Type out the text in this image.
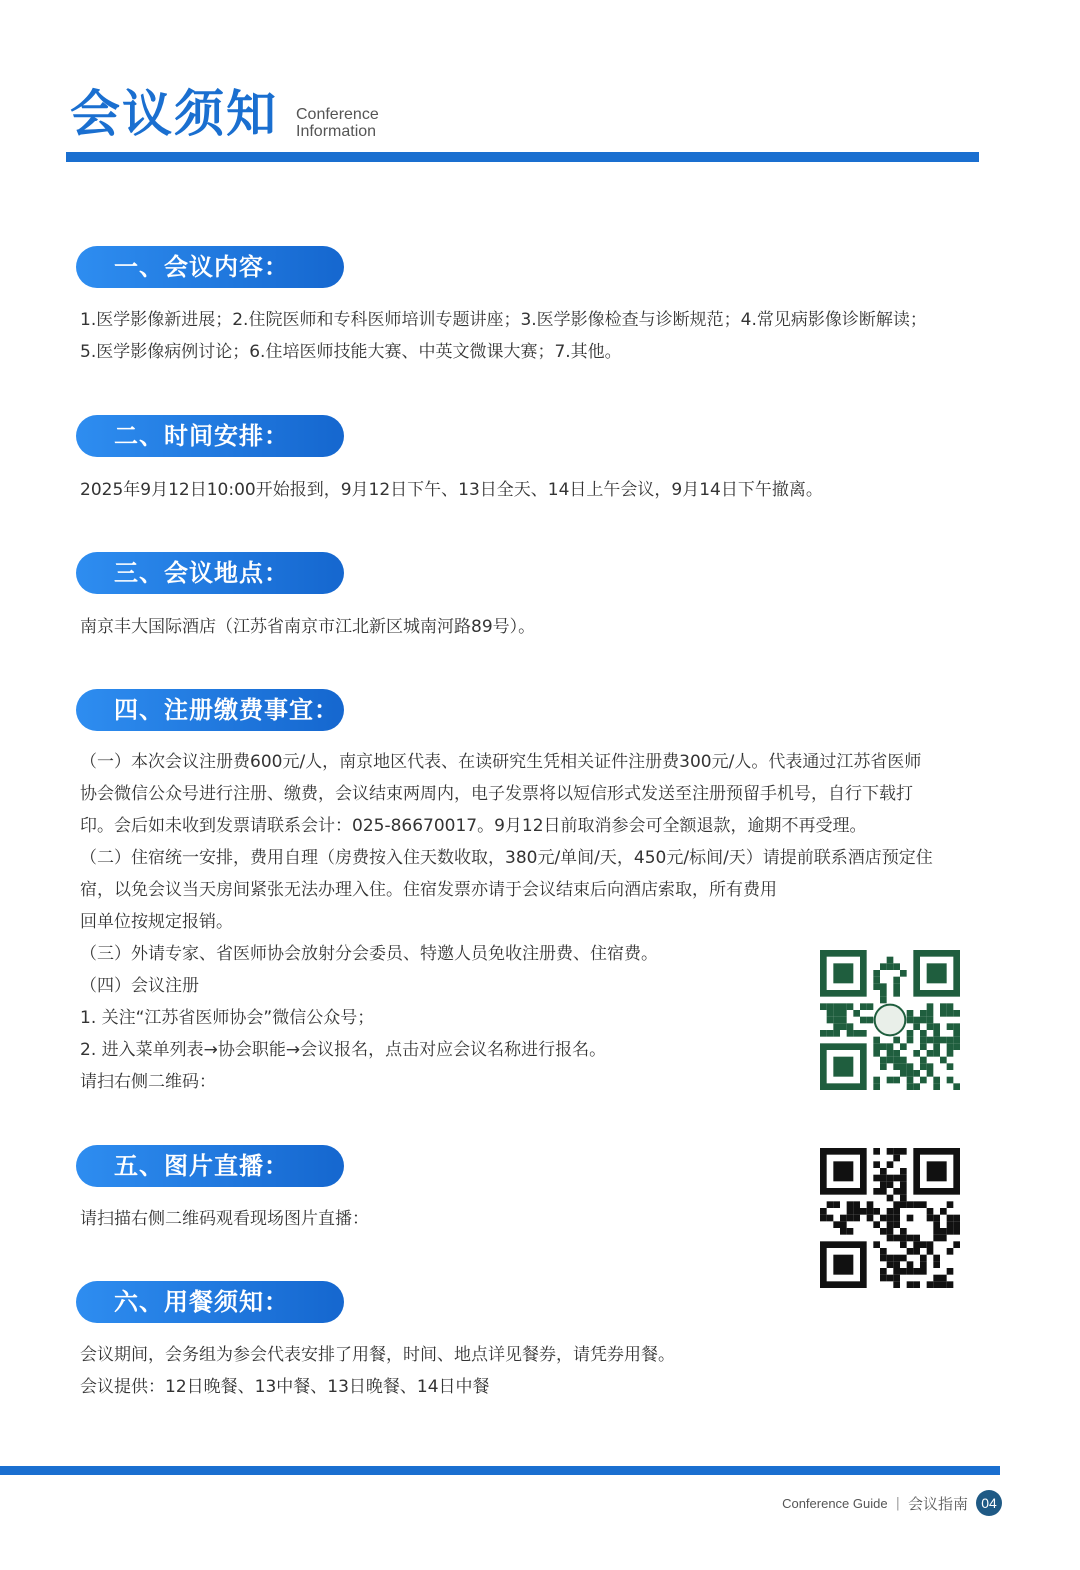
会议须知 Conference
Information
一、会议内容：

1.医学影像新进展；2.住院医师和专科医师培训专题讲座；3.医学影像检查与诊断规范；4.常见病影像诊断解读；

5.医学影像病例讨论；6.住培医师技能大赛、中英文微课大赛；7.其他。

二、时间安排：

2025年9月12日10:00开始报到，9月12日下午、13日全天、14日上午会议，9月14日下午撤离。

三、会议地点：

南京丰大国际酒店（江苏省南京市江北新区城南河路89号）。

四、注册缴费事宜：

（一）本次会议注册费600元/人，南京地区代表、在读研究生凭相关证件注册费300元/人。代表通过江苏省医师

协会微信公众号进行注册、缴费，会议结束两周内，电子发票将以短信形式发送至注册预留手机号，自行下载打

印。会后如未收到发票请联系会计：025-86670017。9月12日前取消参会可全额退款，逾期不再受理。

（二）住宿统一安排，费用自理（房费按入住天数收取，380元/单间/天，450元/标间/天）请提前联系酒店预定住

宿，以免会议当天房间紧张无法办理入住。住宿发票亦请于会议结束后向酒店索取，所有费用

回单位按规定报销。

（三）外请专家、省医师协会放射分会委员、特邀人员免收注册费、住宿费。

（四）会议注册

1. 关注“江苏省医师协会”微信公众号；

2. 进入菜单列表→协会职能→会议报名，点击对应会议名称进行报名。

请扫右侧二维码：

五、图片直播：

请扫描右侧二维码观看现场图片直播：

六、用餐须知：

会议期间，会务组为参会代表安排了用餐，时间、地点详见餐券，请凭券用餐。

会议提供：12日晚餐、13中餐、13日晚餐、14日中餐

Conference Guide | 会议指南 04
